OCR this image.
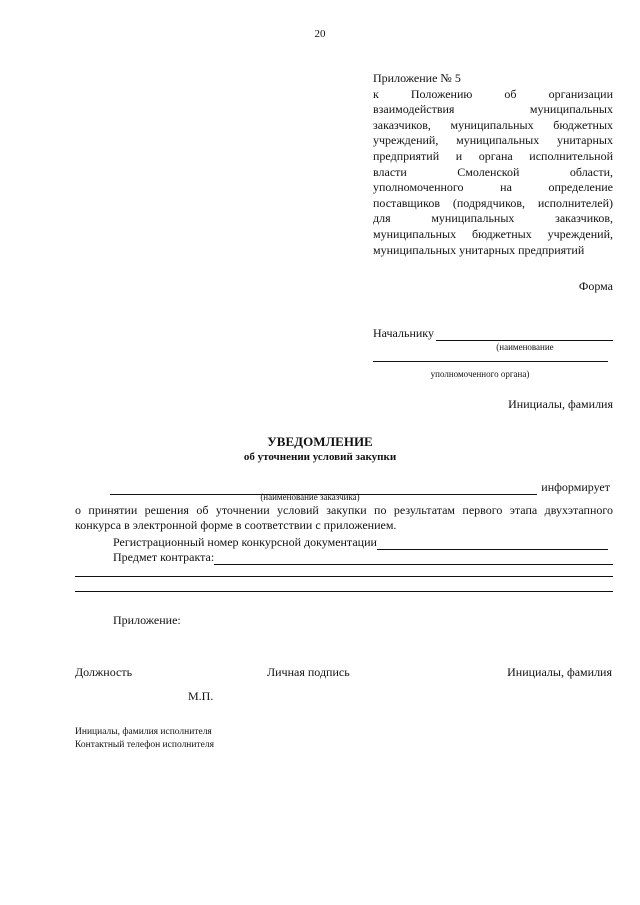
20
Приложение № 5
к Положению об организации
взаимодействия муниципальных
заказчиков, муниципальных бюджетных
учреждений, муниципальных унитарных
предприятий и органа исполнительной
власти Смоленской области,
уполномоченного на определение
поставщиков (подрядчиков, исполнителей)
для муниципальных заказчиков,
муниципальных бюджетных учреждений,
муниципальных унитарных предприятий
Форма
Начальнику
(наименование
уполномоченного органа)
Инициалы, фамилия
УВЕДОМЛЕНИЕ
об уточнении условий закупки
информирует
(наименование заказчика)
о принятии решения об уточнении условий закупки по результатам первого этапа двухэтапного
конкурса в электронной форме в соответствии с приложением.
Регистрационный номер конкурсной документации
Предмет контракта:
Приложение:
Должность	Личная подпись	Инициалы, фамилия
М.П.
Инициалы, фамилия исполнителя
Контактный телефон исполнителя
